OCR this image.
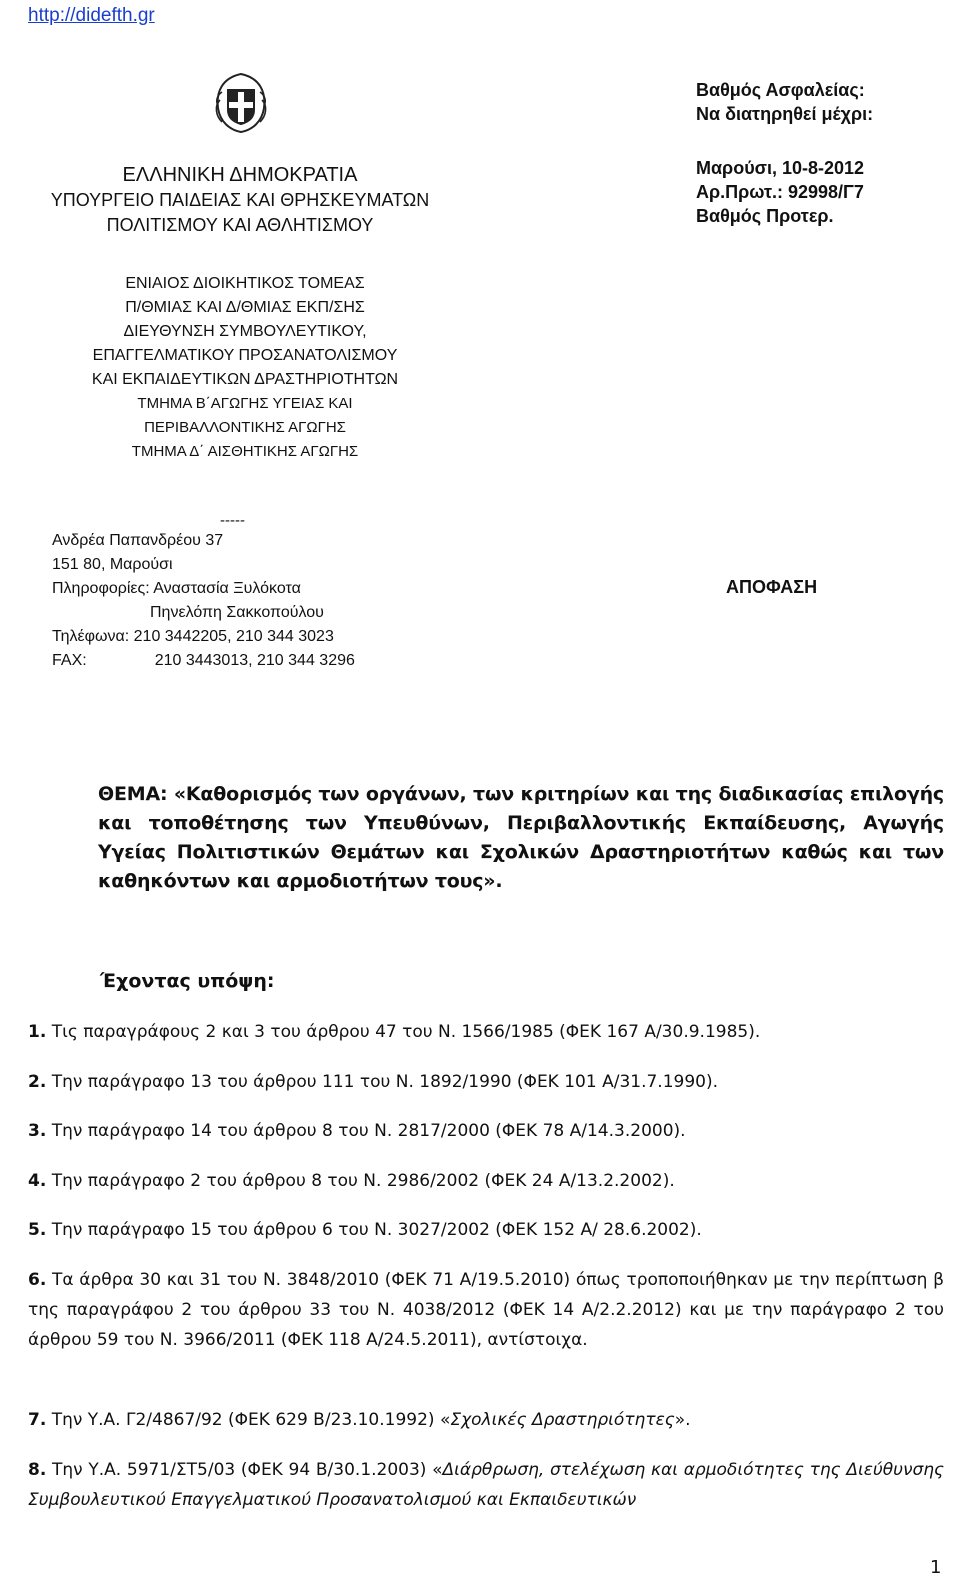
http://didefth.gr
ΕΛΛΗΝΙΚΗ ΔΗΜΟΚΡΑΤΙΑ
ΥΠΟΥΡΓΕΙΟ ΠΑΙΔΕΙΑΣ ΚΑΙ ΘΡΗΣΚΕΥΜΑΤΩΝ
ΠΟΛΙΤΙΣΜΟΥ ΚΑΙ ΑΘΛΗΤΙΣΜΟΥ
Βαθμός Ασφαλείας:
Να διατηρηθεί μέχρι:
Μαρούσι, 10-8-2012
Αρ.Πρωτ.: 92998/Γ7
Βαθμός Προτερ.
ΕΝΙΑΙΟΣ ΔΙΟΙΚΗΤΙΚΟΣ ΤΟΜΕΑΣ
Π/ΘΜΙΑΣ ΚΑΙ Δ/ΘΜΙΑΣ ΕΚΠ/ΣΗΣ
ΔΙΕΥΘΥΝΣΗ ΣΥΜΒΟΥΛΕΥΤΙΚΟΥ,
ΕΠΑΓΓΕΛΜΑΤΙΚΟΥ ΠΡΟΣΑΝΑΤΟΛΙΣΜΟΥ
ΚΑΙ ΕΚΠΑΙΔΕΥΤΙΚΩΝ ΔΡΑΣΤΗΡΙΟΤΗΤΩΝ
ΤΜΗΜΑ Β΄ΑΓΩΓΗΣ ΥΓΕΙΑΣ ΚΑΙ
ΠΕΡΙΒΑΛΛΟΝΤΙΚΗΣ ΑΓΩΓΗΣ
ΤΜΗΜΑ Δ΄ ΑΙΣΘΗΤΙΚΗΣ ΑΓΩΓΗΣ
-----
Ανδρέα Παπανδρέου 37
151 80, Μαρούσι
Πληροφορίες: Αναστασία Ξυλόκοτα
Πηνελόπη Σακκοπούλου
Τηλέφωνα: 210 3442205, 210 344 3023
FAX:	210 3443013, 210 344 3296
ΑΠΟΦΑΣΗ
ΘΕΜΑ: «Καθορισμός των οργάνων, των κριτηρίων και της διαδικασίας επιλογής και τοποθέτησης των Υπευθύνων, Περιβαλλοντικής Εκπαίδευσης, Αγωγής Υγείας Πολιτιστικών Θεμάτων και Σχολικών Δραστηριοτήτων καθώς και των καθηκόντων και αρμοδιοτήτων τους».
Έχοντας υπόψη:
1. Τις παραγράφους 2 και 3 του άρθρου 47 του Ν. 1566/1985 (ΦΕΚ 167 Α/30.9.1985).
2. Την παράγραφο 13 του άρθρου 111 του Ν. 1892/1990 (ΦΕΚ 101 Α/31.7.1990).
3. Την παράγραφο 14 του άρθρου 8 του Ν. 2817/2000 (ΦΕΚ 78 Α/14.3.2000).
4. Την παράγραφο 2 του άρθρου 8 του Ν. 2986/2002 (ΦΕΚ 24 Α/13.2.2002).
5. Την παράγραφο 15 του άρθρου 6 του Ν. 3027/2002 (ΦΕΚ 152 Α/ 28.6.2002).
6. Τα άρθρα 30 και 31 του Ν. 3848/2010 (ΦΕΚ 71 Α/19.5.2010) όπως τροποποιήθηκαν με την περίπτωση β της παραγράφου 2 του άρθρου 33 του Ν. 4038/2012 (ΦΕΚ 14 Α/2.2.2012) και με την παράγραφο 2 του άρθρου 59 του Ν. 3966/2011 (ΦΕΚ 118 Α/24.5.2011), αντίστοιχα.
7. Την Υ.Α. Γ2/4867/92 (ΦΕΚ 629 Β/23.10.1992) «Σχολικές Δραστηριότητες».
8. Την Υ.Α. 5971/ΣΤ5/03 (ΦΕΚ 94 Β/30.1.2003) «Διάρθρωση, στελέχωση και αρμοδιότητες της Διεύθυνσης Συμβουλευτικού Επαγγελματικού Προσανατολισμού και Εκπαιδευτικών
1
